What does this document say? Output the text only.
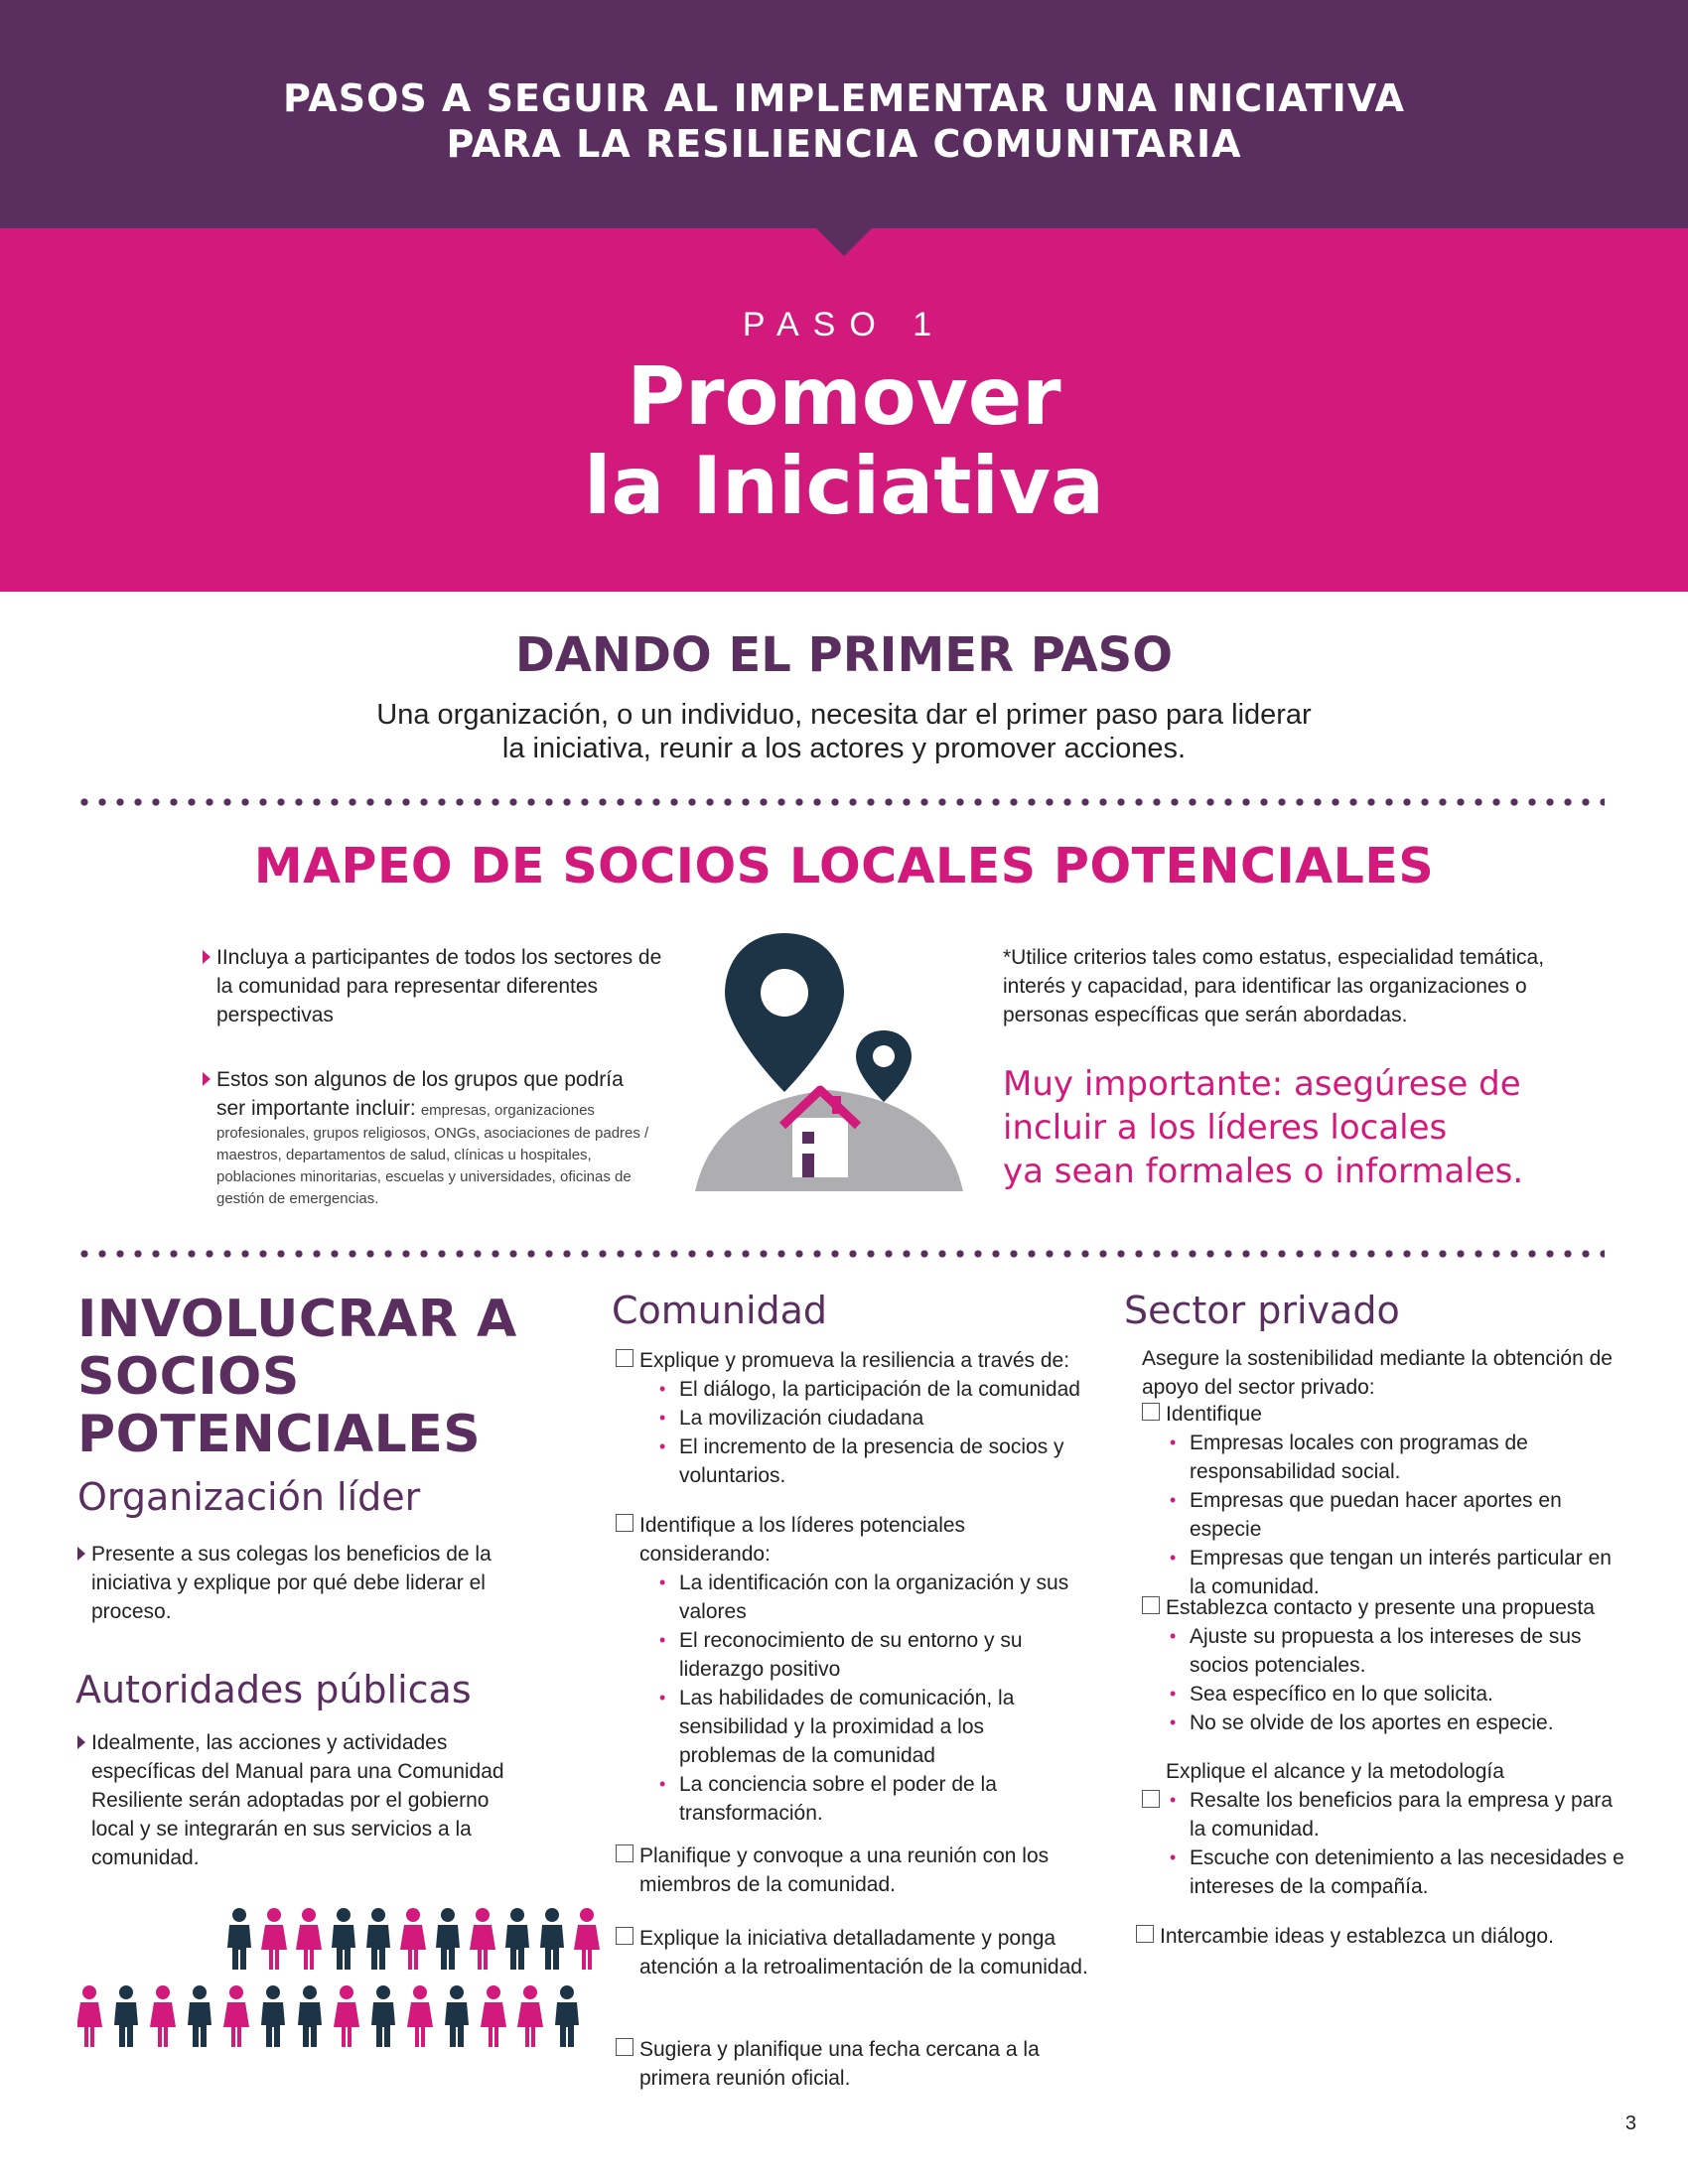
PASOS A SEGUIR AL IMPLEMENTAR UNA INICIATIVA
PARA LA RESILIENCIA COMUNITARIA
PASO 1
Promover
la Iniciativa
DANDO EL PRIMER PASO
Una organización, o un individuo, necesita dar el primer paso para liderar
la iniciativa, reunir a los actores y promover acciones.
MAPEO DE SOCIOS LOCALES POTENCIALES
IIncluya a participantes de todos los sectores de la comunidad para representar diferentes perspectivas
Estos son algunos de los grupos que podría ser importante incluir: empresas, organizaciones profesionales, grupos religiosos, ONGs, asociaciones de padres / maestros, departamentos de salud, clínicas u hospitales, poblaciones minoritarias, escuelas y universidades, oficinas de gestión de emergencias.
*Utilice criterios tales como estatus, especialidad temática, interés y capacidad, para identificar las organizaciones o personas específicas que serán abordadas.
Muy importante: asegúrese de
incluir a los líderes locales
ya sean formales o informales.
INVOLUCRAR A
SOCIOS
POTENCIALES
Organización líder
Presente a sus colegas los beneficios de la iniciativa y explique por qué debe liderar el proceso.
Autoridades públicas
Idealmente, las acciones y actividades específicas del Manual para una Comunidad Resiliente serán adoptadas por el gobierno local y se integrarán en sus servicios a la comunidad.
Comunidad
Explique y promueva la resiliencia a través de:
• El diálogo, la participación de la comunidad
• La movilización ciudadana
• El incremento de la presencia de socios y voluntarios.
Identifique a los líderes potenciales considerando:
• La identificación con la organización y sus valores
• El reconocimiento de su entorno y su liderazgo positivo
• Las habilidades de comunicación, la sensibilidad y la proximidad a los problemas de la comunidad
• La conciencia sobre el poder de la transformación.
Planifique y convoque a una reunión con los miembros de la comunidad.
Explique la iniciativa detalladamente y ponga atención a la retroalimentación de la comunidad.
Sugiera y planifique una fecha cercana a la primera reunión oficial.
Sector privado
Asegure la sostenibilidad mediante la obtención de apoyo del sector privado:
Identifique
• Empresas locales con programas de responsabilidad social.
• Empresas que puedan hacer aportes en especie
• Empresas que tengan un interés particular en la comunidad.
Establezca contacto y presente una propuesta
• Ajuste su propuesta a los intereses de sus socios potenciales.
• Sea específico en lo que solicita.
• No se olvide de los aportes en especie.
Explique el alcance y la metodología
• Resalte los beneficios para la empresa y para la comunidad.
• Escuche con detenimiento a las necesidades e intereses de la compañía.
Intercambie ideas y establezca un diálogo.
3
